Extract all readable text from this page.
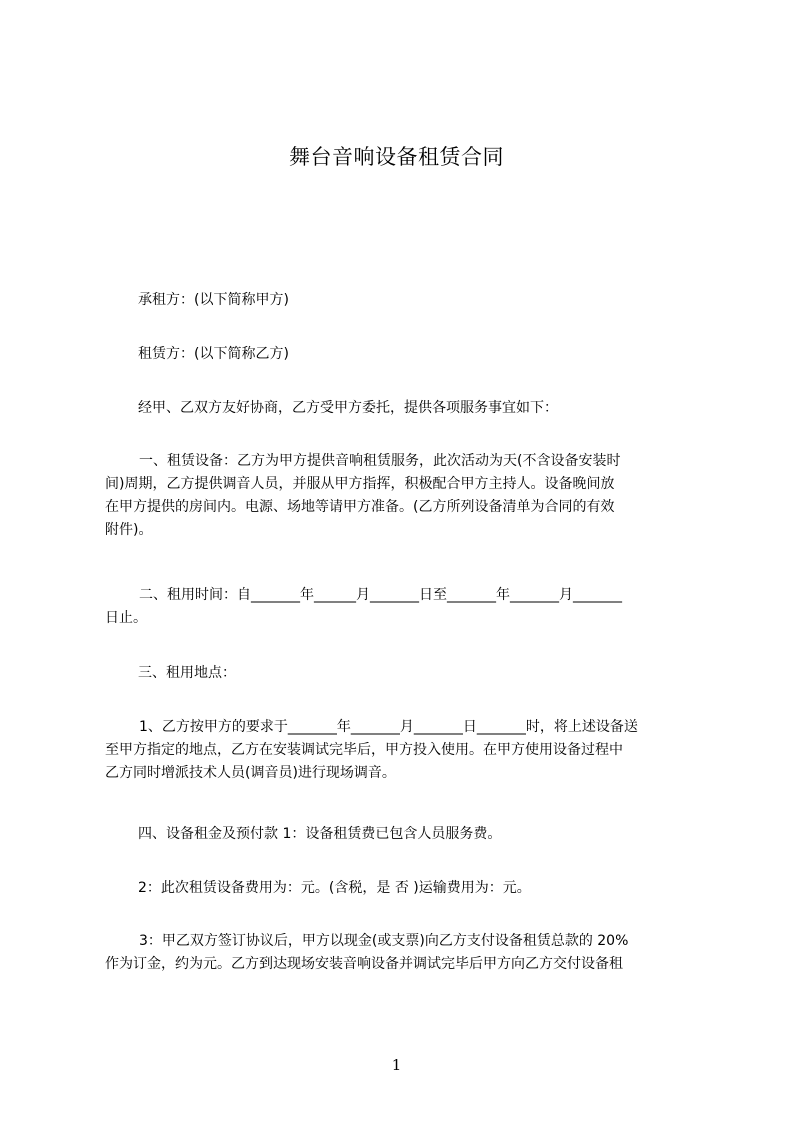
舞台音响设备租赁合同
承租方：(以下简称甲方)
租赁方：(以下简称乙方)
经甲、乙双方友好协商，乙方受甲方委托，提供各项服务事宜如下：
一、租赁设备：乙方为甲方提供音响租赁服务，此次活动为天(不含设备安装时
间)周期，乙方提供调音人员，并服从甲方指挥，积极配合甲方主持人。设备晚间放
在甲方提供的房间内。电源、场地等请甲方准备。(乙方所列设备清单为合同的有效
附件)。
二、租用时间：自_______年______月_______日至_______年_______月_______
日止。
三、租用地点：
1、乙方按甲方的要求于_______年_______月_______日_______时，将上述设备送
至甲方指定的地点，乙方在安装调试完毕后，甲方投入使用。在甲方使用设备过程中
乙方同时增派技术人员(调音员)进行现场调音。
四、设备租金及预付款 1：设备租赁费已包含人员服务费。
2：此次租赁设备费用为：元。(含税，是 否 )运输费用为：元。
3：甲乙双方签订协议后，甲方以现金(或支票)向乙方支付设备租赁总款的 20%
作为订金，约为元。乙方到达现场安装音响设备并调试完毕后甲方向乙方交付设备租
1
